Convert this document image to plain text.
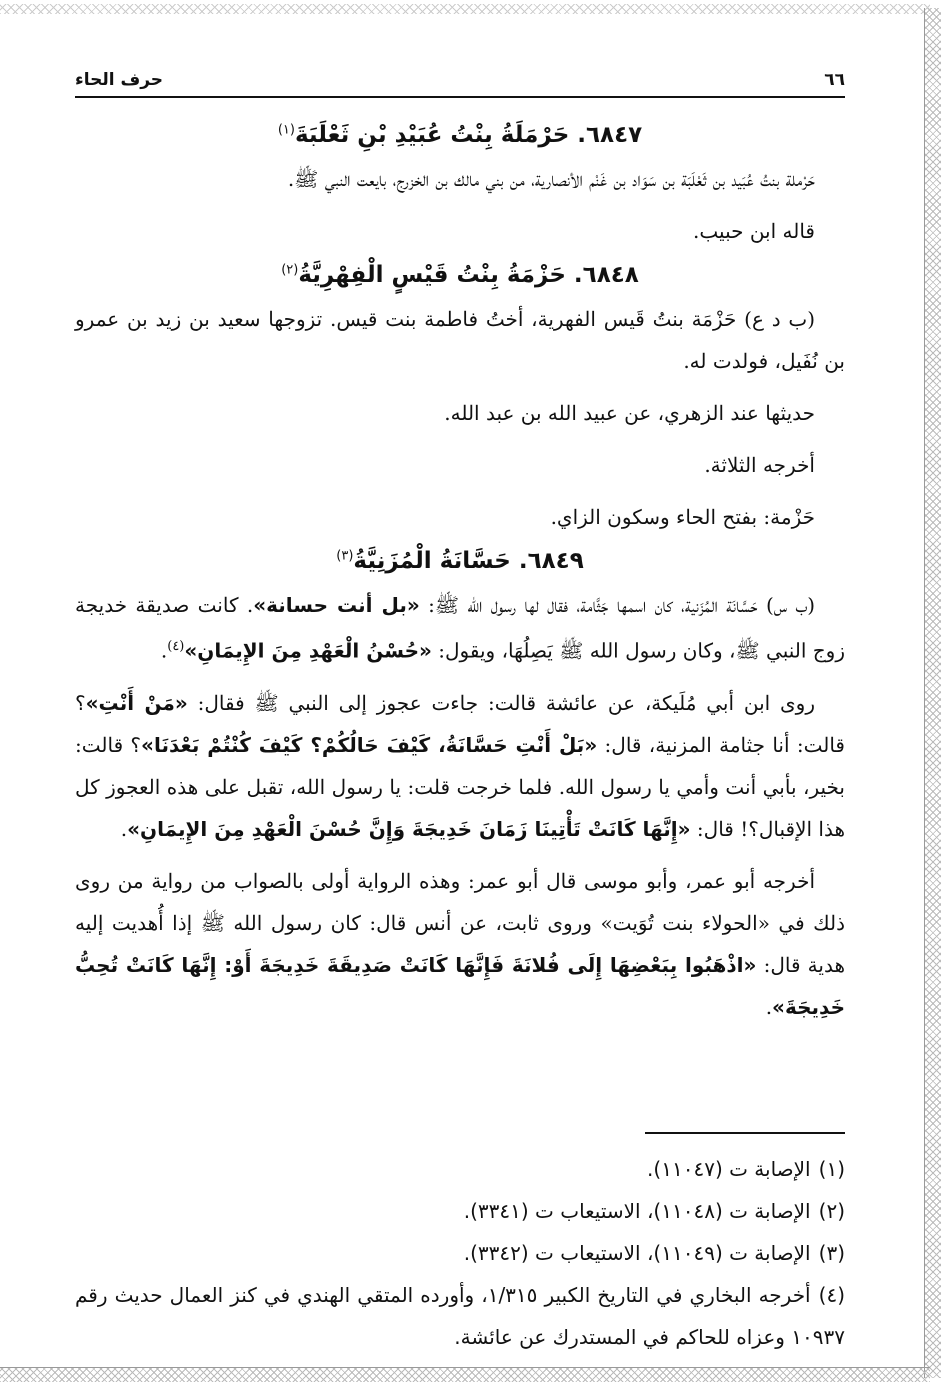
٦٦
حرف الحاء
٦٨٤٧. حَرْمَلَةُ بِنْتُ عُبَيْدِ بْنِ ثَعْلَبَةَ$^{(١)}$

حَرْملة بنتُ عُبَيد بن ثَعْلَبَة بن سَوَاد بن غَنْم الأنصارية، من بني مالك بن الخزرج، بايعت النبي ﷺ.

قاله ابن حبيب.

٦٨٤٨. حَزْمَةُ بِنْتُ قَيْسٍ الْفِهْرِيَّةُ$^{(٢)}$

(ب د ع) حَزْمَة بنتُ قَيس الفهرية، أختُ فاطمة بنت قيس. تزوجها سعيد بن زيد بن عمرو بن نُفَيل، فولدت له.

حديثها عند الزهري، عن عبيد الله بن عبد الله.

أخرجه الثلاثة.

حَزْمة: بفتح الحاء وسكون الزاي.

٦٨٤٩. حَسَّانَةُ الْمُزَنِيَّةُ$^{(٣)}$

(ب س) حَسَّانَة المُزَنية، كان اسمها جَثَّامة، فقال لها رسول الله ﷺ: «بل أنت حسانة». كانت صديقة خديجة زوج النبي ﷺ، وكان رسول الله ﷺ يَصِلُهَا، ويقول: «حُسْنُ الْعَهْدِ مِنَ الإِيمَانِ»$^{(٤)}$.

روى ابن أبي مُلَيكة، عن عائشة قالت: جاءت عجوز إلى النبي ﷺ فقال: «مَنْ أَنْتِ»؟ قالت: أنا جثامة المزنية، قال: «بَلْ أَنْتِ حَسَّانَةُ، كَيْفَ حَالُكُمْ؟ كَيْفَ كُنْتُمْ بَعْدَنَا»؟ قالت: بخير، بأبي أنت وأمي يا رسول الله. فلما خرجت قلت: يا رسول الله، تقبل على هذه العجوز كل هذا الإقبال؟! قال: «إِنَّهَا كَانَتْ تَأْتِينَا زَمَانَ خَدِيجَةَ وَإِنَّ حُسْنَ الْعَهْدِ مِنَ الإِيمَانِ».

أخرجه أبو عمر، وأبو موسى قال أبو عمر: وهذه الرواية أولى بالصواب من رواية من روى ذلك في «الحولاء بنت تُوَيت» وروى ثابت، عن أنس قال: كان رسول الله ﷺ إذا أُهديت إليه هدية قال: «اذْهَبُوا بِبَعْضِهَا إِلَى فُلانَةَ فَإِنَّهَا كَانَتْ صَدِيقَةَ خَدِيجَةَ أَوْ: إِنَّهَا كَانَتْ تُحِبُّ خَدِيجَةَ».

(١)الإصابة ت (١١٠٤٧).

(٢)الإصابة ت (١١٠٤٨)، الاستيعاب ت (٣٣٤١).

(٣)الإصابة ت (١١٠٤٩)، الاستيعاب ت (٣٣٤٢).

(٤)أخرجه البخاري في التاريخ الكبير ١/٣١٥، وأورده المتقي الهندي في كنز العمال حديث رقم ١٠٩٣٧ وعزاه للحاكم في المستدرك عن عائشة.
